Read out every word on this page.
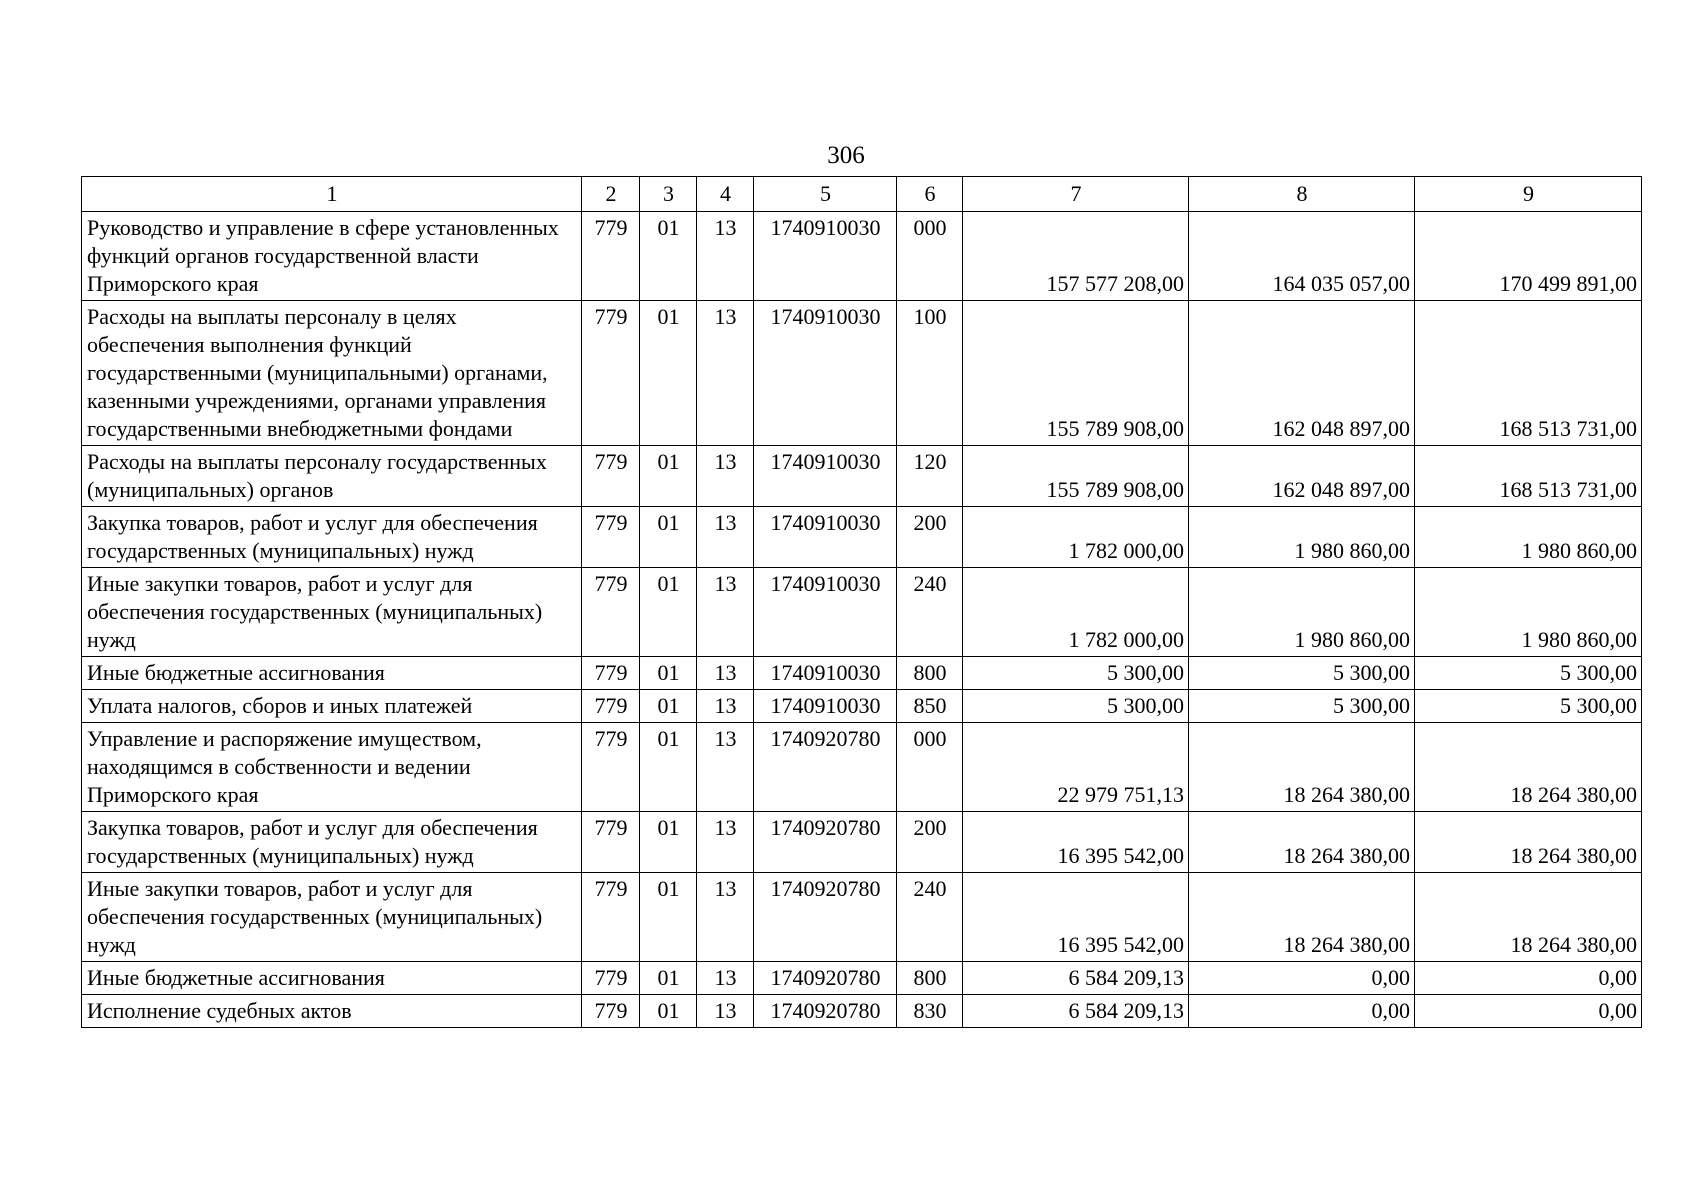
306
1	2	3	4	5	6	7	8	9
Руководство и управление в сфере установленных функций органов государственной власти Приморского края	779	01	13	1740910030	000	157 577 208,00	164 035 057,00	170 499 891,00
Расходы на выплаты персоналу в целях обеспечения выполнения функций государственными (муниципальными) органами, казенными учреждениями, органами управления государственными внебюджетными фондами	779	01	13	1740910030	100	155 789 908,00	162 048 897,00	168 513 731,00
Расходы на выплаты персоналу государственных (муниципальных) органов	779	01	13	1740910030	120	155 789 908,00	162 048 897,00	168 513 731,00
Закупка товаров, работ и услуг для обеспечения государственных (муниципальных) нужд	779	01	13	1740910030	200	1 782 000,00	1 980 860,00	1 980 860,00
Иные закупки товаров, работ и услуг для обеспечения государственных (муниципальных) нужд	779	01	13	1740910030	240	1 782 000,00	1 980 860,00	1 980 860,00
Иные бюджетные ассигнования	779	01	13	1740910030	800	5 300,00	5 300,00	5 300,00
Уплата налогов, сборов и иных платежей	779	01	13	1740910030	850	5 300,00	5 300,00	5 300,00
Управление и распоряжение имуществом, находящимся в собственности и ведении Приморского края	779	01	13	1740920780	000	22 979 751,13	18 264 380,00	18 264 380,00
Закупка товаров, работ и услуг для обеспечения государственных (муниципальных) нужд	779	01	13	1740920780	200	16 395 542,00	18 264 380,00	18 264 380,00
Иные закупки товаров, работ и услуг для обеспечения государственных (муниципальных) нужд	779	01	13	1740920780	240	16 395 542,00	18 264 380,00	18 264 380,00
Иные бюджетные ассигнования	779	01	13	1740920780	800	6 584 209,13	0,00	0,00
Исполнение судебных актов	779	01	13	1740920780	830	6 584 209,13	0,00	0,00
